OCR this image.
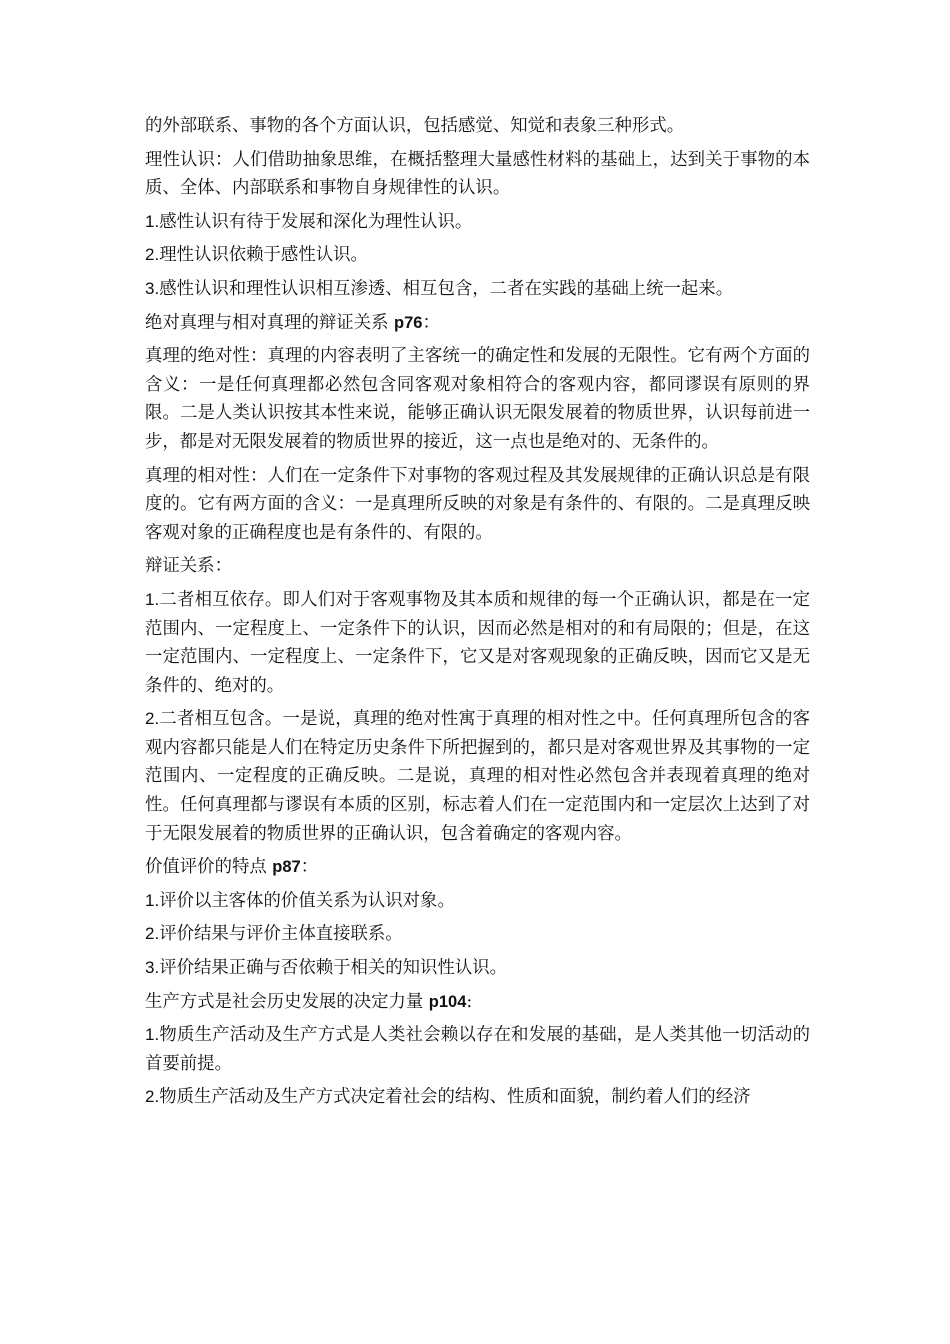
的外部联系、事物的各个方面认识，包括感觉、知觉和表象三种形式。

理性认识：人们借助抽象思维，在概括整理大量感性材料的基础上，达到关于事物的本质、全体、内部联系和事物自身规律性的认识。

1.感性认识有待于发展和深化为理性认识。

2.理性认识依赖于感性认识。

3.感性认识和理性认识相互渗透、相互包含，二者在实践的基础上统一起来。

绝对真理与相对真理的辩证关系 p76：

真理的绝对性：真理的内容表明了主客统一的确定性和发展的无限性。它有两个方面的含义：一是任何真理都必然包含同客观对象相符合的客观内容，都同谬误有原则的界限。二是人类认识按其本性来说，能够正确认识无限发展着的物质世界，认识每前进一步，都是对无限发展着的物质世界的接近，这一点也是绝对的、无条件的。

真理的相对性：人们在一定条件下对事物的客观过程及其发展规律的正确认识总是有限度的。它有两方面的含义：一是真理所反映的对象是有条件的、有限的。二是真理反映客观对象的正确程度也是有条件的、有限的。

辩证关系：

1.二者相互依存。即人们对于客观事物及其本质和规律的每一个正确认识，都是在一定范围内、一定程度上、一定条件下的认识，因而必然是相对的和有局限的；但是，在这一定范围内、一定程度上、一定条件下，它又是对客观现象的正确反映，因而它又是无条件的、绝对的。

2.二者相互包含。一是说，真理的绝对性寓于真理的相对性之中。任何真理所包含的客观内容都只能是人们在特定历史条件下所把握到的，都只是对客观世界及其事物的一定范围内、一定程度的正确反映。二是说，真理的相对性必然包含并表现着真理的绝对性。任何真理都与谬误有本质的区别，标志着人们在一定范围内和一定层次上达到了对于无限发展着的物质世界的正确认识，包含着确定的客观内容。

价值评价的特点 p87：

1.评价以主客体的价值关系为认识对象。

2.评价结果与评价主体直接联系。

3.评价结果正确与否依赖于相关的知识性认识。

生产方式是社会历史发展的决定力量 p104:

1.物质生产活动及生产方式是人类社会赖以存在和发展的基础，是人类其他一切活动的首要前提。

2.物质生产活动及生产方式决定着社会的结构、性质和面貌，制约着人们的经济
